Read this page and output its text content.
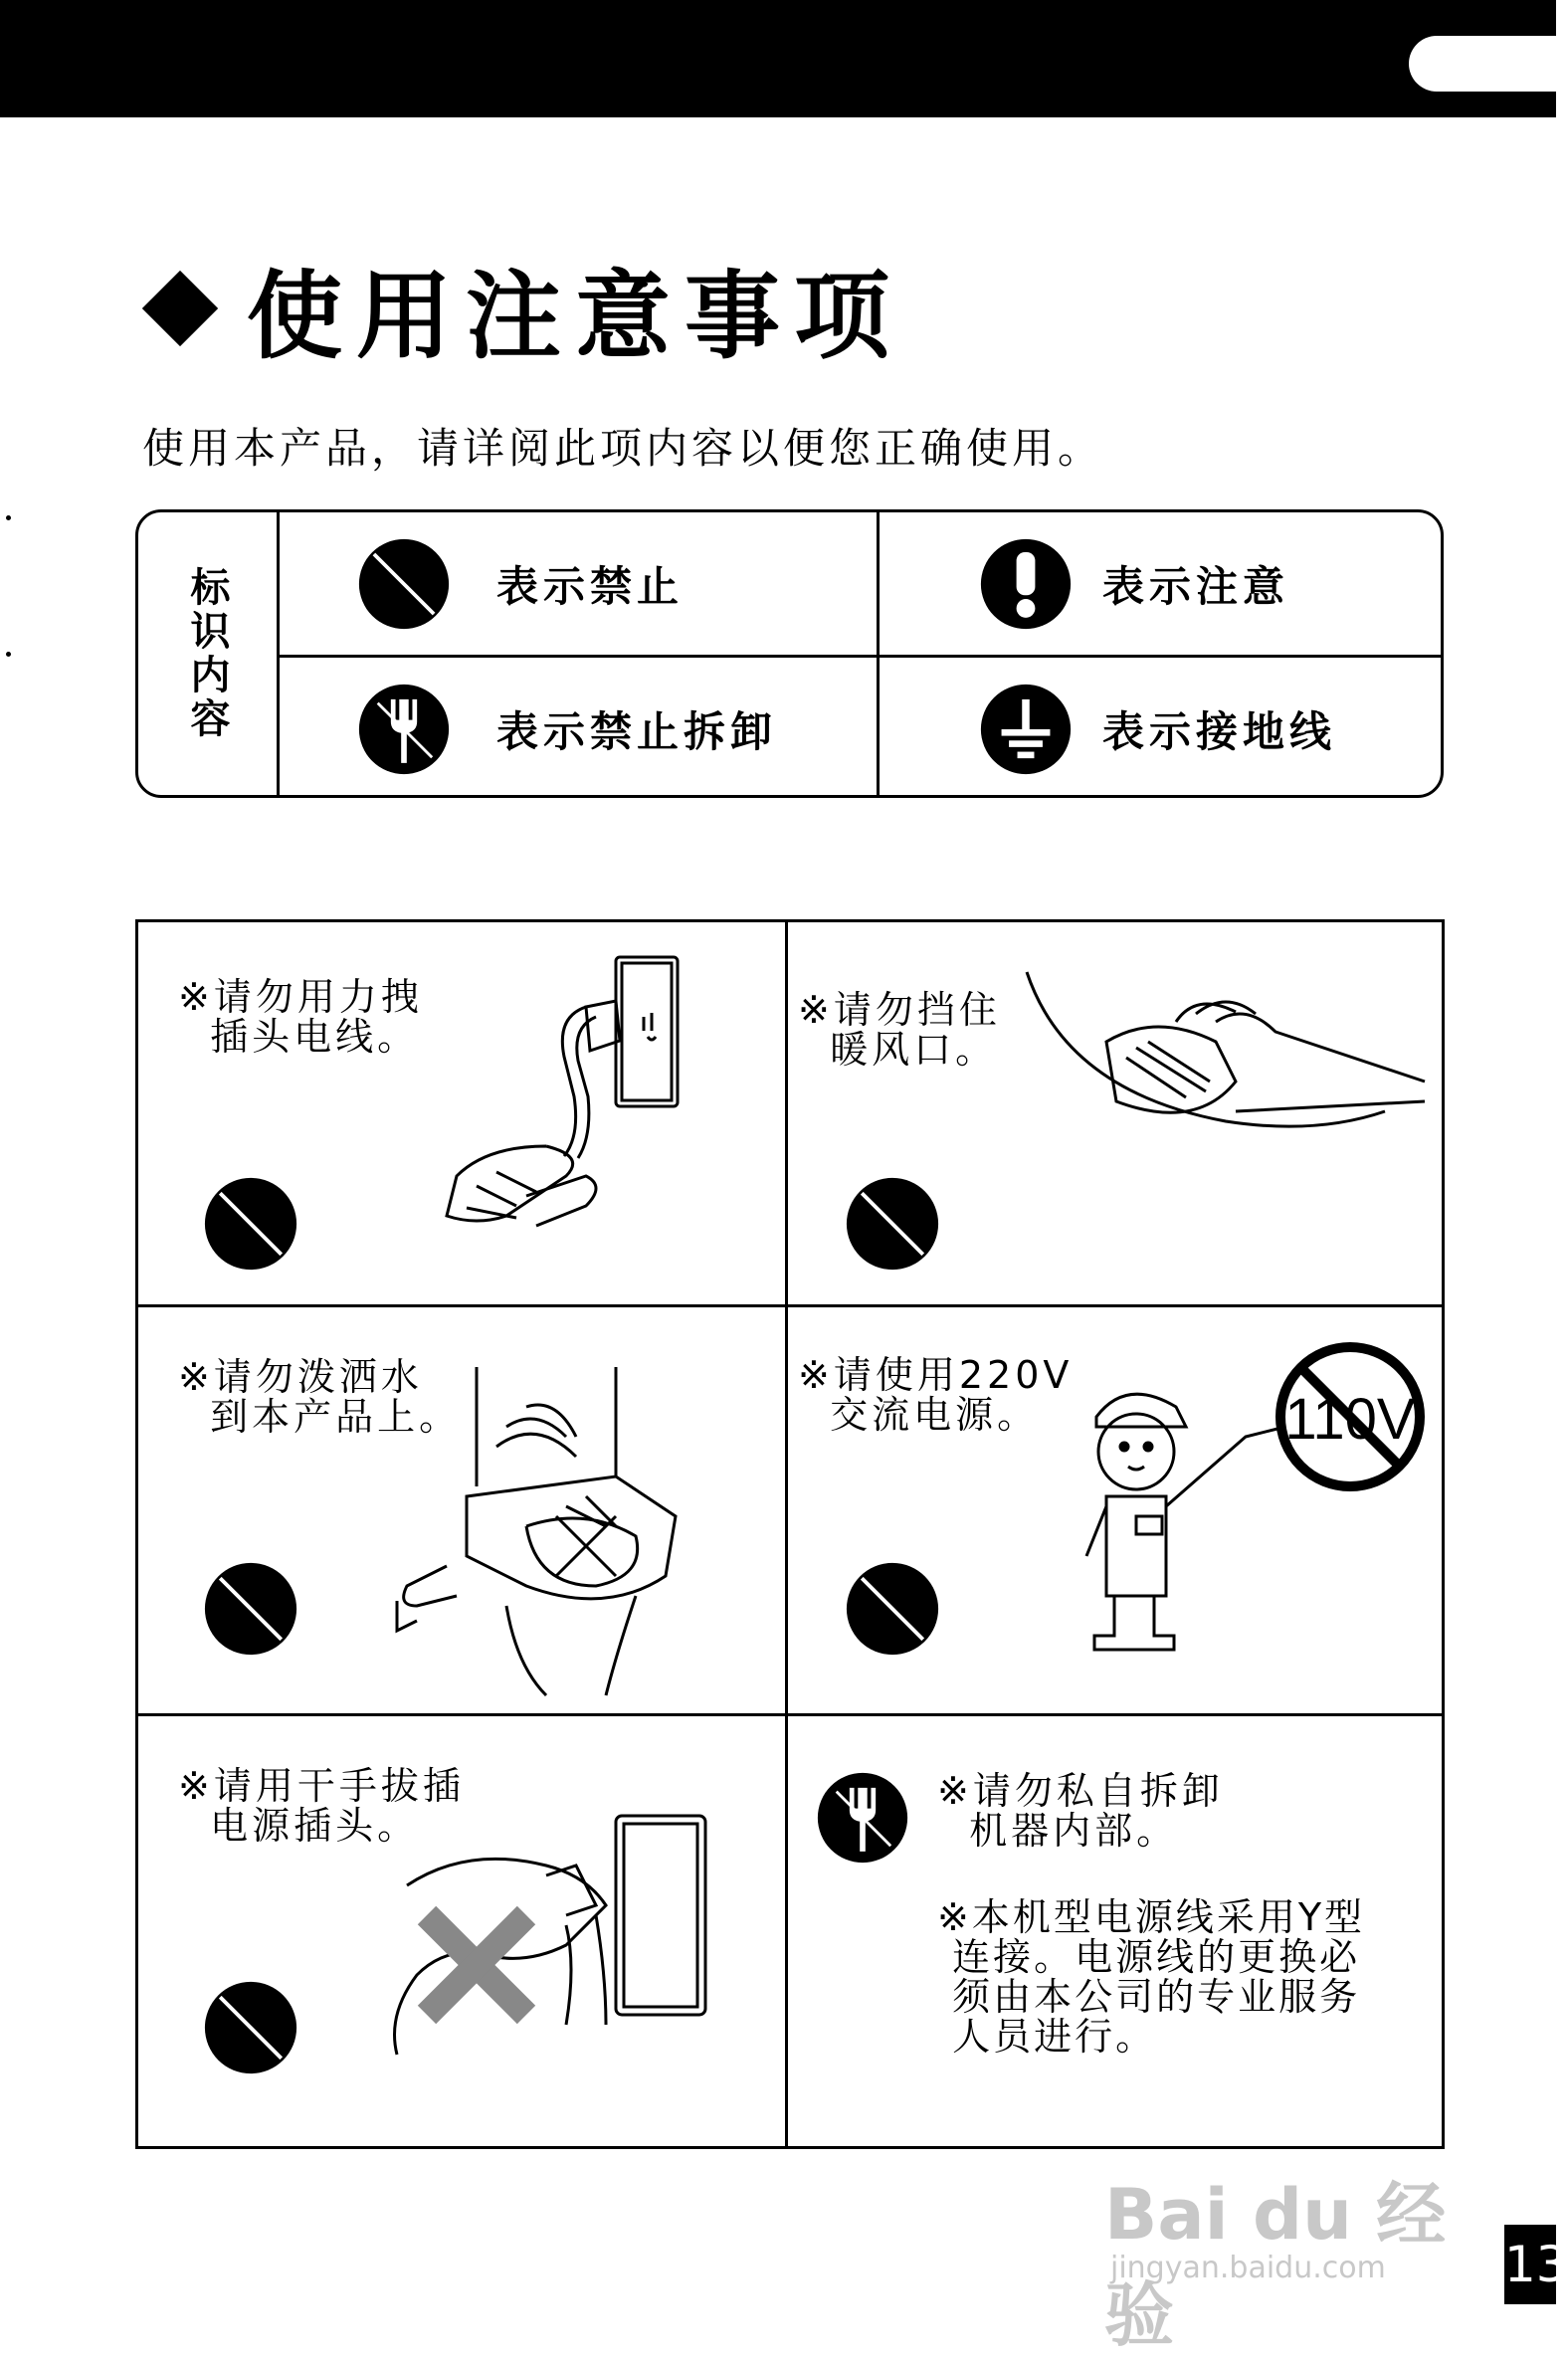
使用注意事项
使用本产品，请详阅此项内容以便您正确使用。
标识内容	表示禁止	表示注意
表示禁止拆卸	表示接地线
※请勿用力拽
插头电线。
※请勿挡住
暖风口。
※请勿泼洒水
到本产品上。
※请使用220V
交流电源。	110V
※请用干手拔插
电源插头。
※请勿私自拆卸
机器内部。
※本机型电源线采用Y型
连接。电源线的更换必
须由本公司的专业服务
人员进行。
Bai du 经验
jingyan.baidu.com 13
